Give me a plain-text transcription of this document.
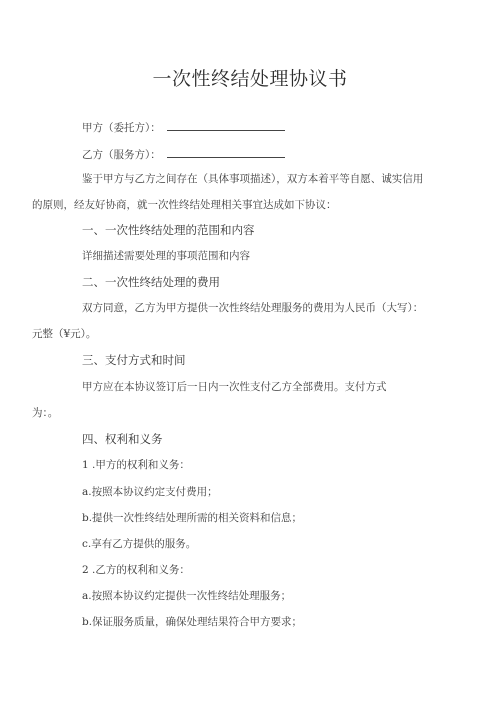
一次性终结处理协议书
甲方（委托方）：
乙方（服务方）：
鉴于甲方与乙方之间存在（具体事项描述），双方本着平等自愿、诚实信用
的原则，经友好协商，就一次性终结处理相关事宜达成如下协议：
一、一次性终结处理的范围和内容
详细描述需要处理的事项范围和内容
二、一次性终结处理的费用
双方同意，乙方为甲方提供一次性终结处理服务的费用为人民币（大写）：
元整（¥元）。
三、支付方式和时间
甲方应在本协议签订后一日内一次性支付乙方全部费用。支付方式
为：。
四、权利和义务
1 .甲方的权利和义务：
a.按照本协议约定支付费用；
b.提供一次性终结处理所需的相关资料和信息；
c.享有乙方提供的服务。
2 .乙方的权利和义务：
a.按照本协议约定提供一次性终结处理服务；
b.保证服务质量，确保处理结果符合甲方要求；
